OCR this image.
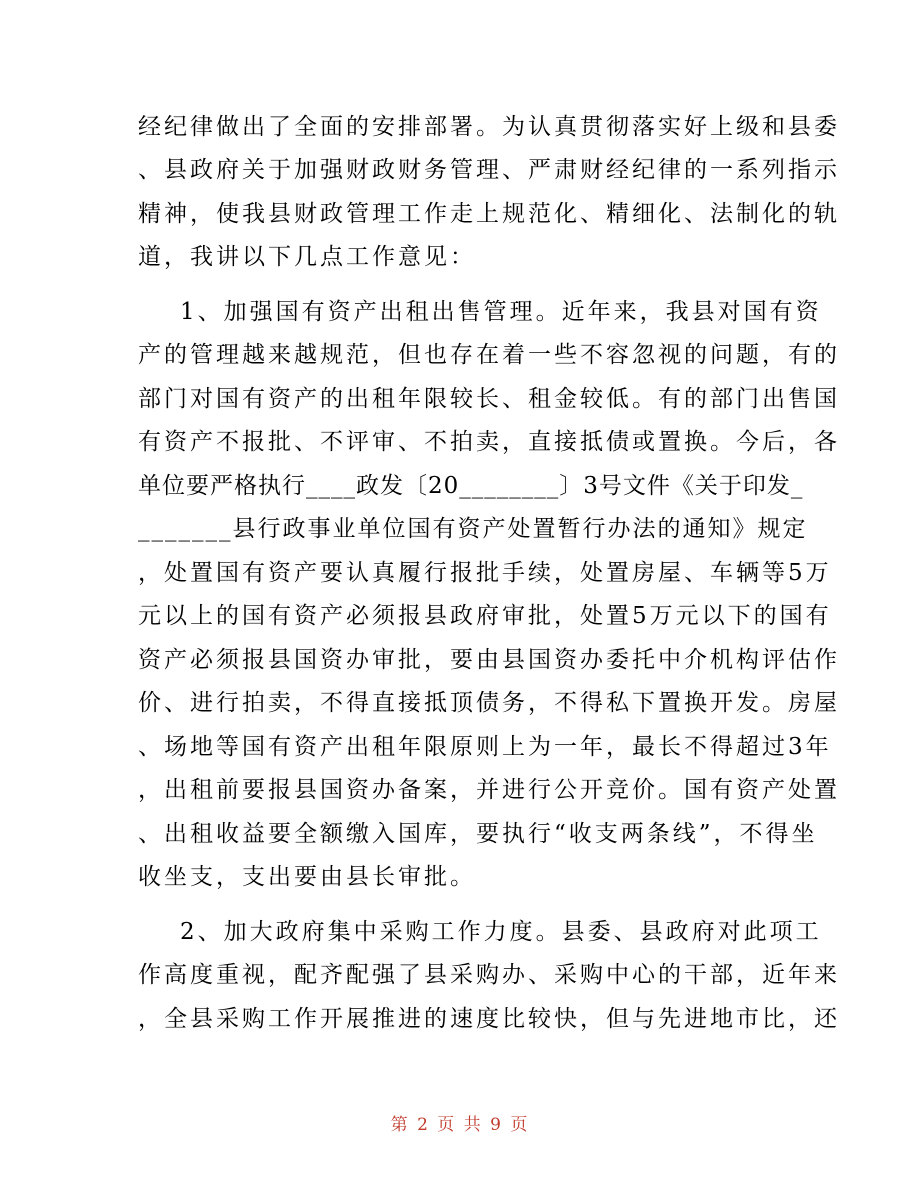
经纪律做出了全面的安排部署。为认真贯彻落实好上级和县委
、县政府关于加强财政财务管理、严肃财经纪律的一系列指示
精神，使我县财政管理工作走上规范化、精细化、法制化的轨
道，我讲以下几点工作意见：
1、加强国有资产出租出售管理。近年来，我县对国有资
产的管理越来越规范，但也存在着一些不容忽视的问题，有的
部门对国有资产的出租年限较长、租金较低。有的部门出售国
有资产不报批、不评审、不拍卖，直接抵债或置换。今后，各
单位要严格执行____政发〔20________〕3号文件《关于印发_
_______县行政事业单位国有资产处置暂行办法的通知》规定
，处置国有资产要认真履行报批手续，处置房屋、车辆等5万
元以上的国有资产必须报县政府审批，处置5万元以下的国有
资产必须报县国资办审批，要由县国资办委托中介机构评估作
价、进行拍卖，不得直接抵顶债务，不得私下置换开发。房屋
、场地等国有资产出租年限原则上为一年，最长不得超过3年
，出租前要报县国资办备案，并进行公开竞价。国有资产处置
、出租收益要全额缴入国库，要执行“收支两条线”，不得坐
收坐支，支出要由县长审批。
2、加大政府集中采购工作力度。县委、县政府对此项工
作高度重视，配齐配强了县采购办、采购中心的干部，近年来
，全县采购工作开展推进的速度比较快，但与先进地市比，还
第 2 页 共 9 页
